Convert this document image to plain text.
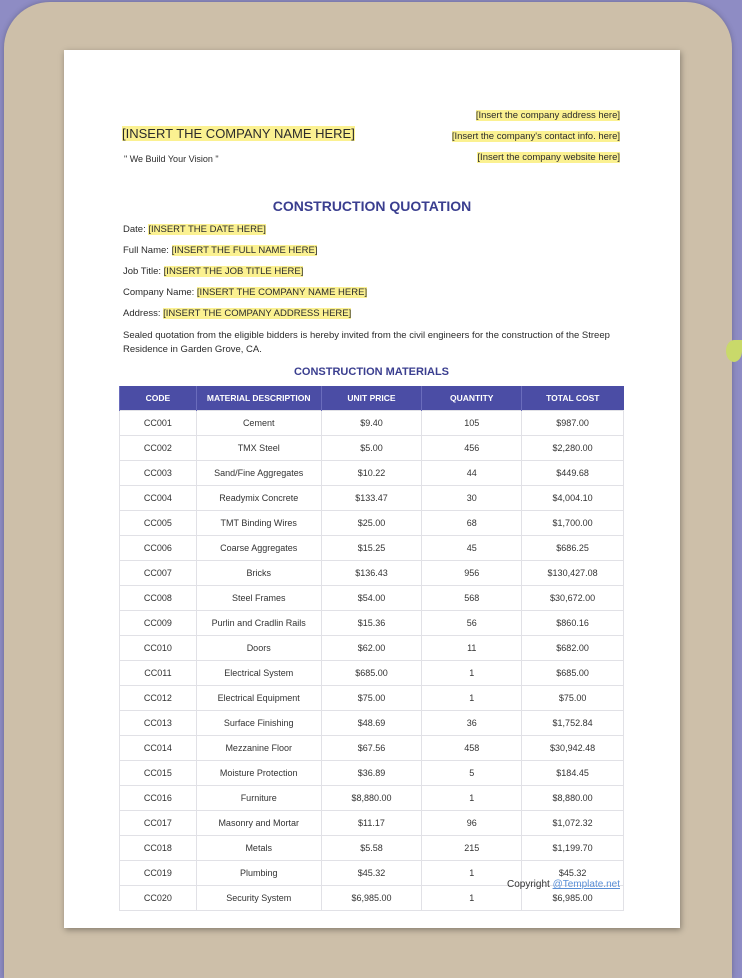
[INSERT THE COMPANY NAME HERE]
" We Build Your Vision "
[Insert the company address here]
[Insert the company's contact info. here]
[Insert the company website here]
CONSTRUCTION QUOTATION
Date: [INSERT THE DATE HERE]
Full Name: [INSERT THE FULL NAME HERE]
Job Title: [INSERT THE JOB TITLE HERE]
Company Name: [INSERT THE COMPANY NAME HERE]
Address: [INSERT THE COMPANY ADDRESS HERE]
Sealed quotation from the eligible bidders is hereby invited from the civil engineers for the construction of the Streep Residence in Garden Grove, CA.
CONSTRUCTION MATERIALS
CODE	MATERIAL DESCRIPTION	UNIT PRICE	QUANTITY	TOTAL COST
CC001	Cement	$9.40	105	$987.00
CC002	TMX Steel	$5.00	456	$2,280.00
CC003	Sand/Fine Aggregates	$10.22	44	$449.68
CC004	Readymix Concrete	$133.47	30	$4,004.10
CC005	TMT Binding Wires	$25.00	68	$1,700.00
CC006	Coarse Aggregates	$15.25	45	$686.25
CC007	Bricks	$136.43	956	$130,427.08
CC008	Steel Frames	$54.00	568	$30,672.00
CC009	Purlin and Cradlin Rails	$15.36	56	$860.16
CC010	Doors	$62.00	11	$682.00
CC011	Electrical System	$685.00	1	$685.00
CC012	Electrical Equipment	$75.00	1	$75.00
CC013	Surface Finishing	$48.69	36	$1,752.84
CC014	Mezzanine Floor	$67.56	458	$30,942.48
CC015	Moisture Protection	$36.89	5	$184.45
CC016	Furniture	$8,880.00	1	$8,880.00
CC017	Masonry and Mortar	$11.17	96	$1,072.32
CC018	Metals	$5.58	215	$1,199.70
CC019	Plumbing	$45.32	1	$45.32
CC020	Security System	$6,985.00	1	$6,985.00
Copyright @Template.net
